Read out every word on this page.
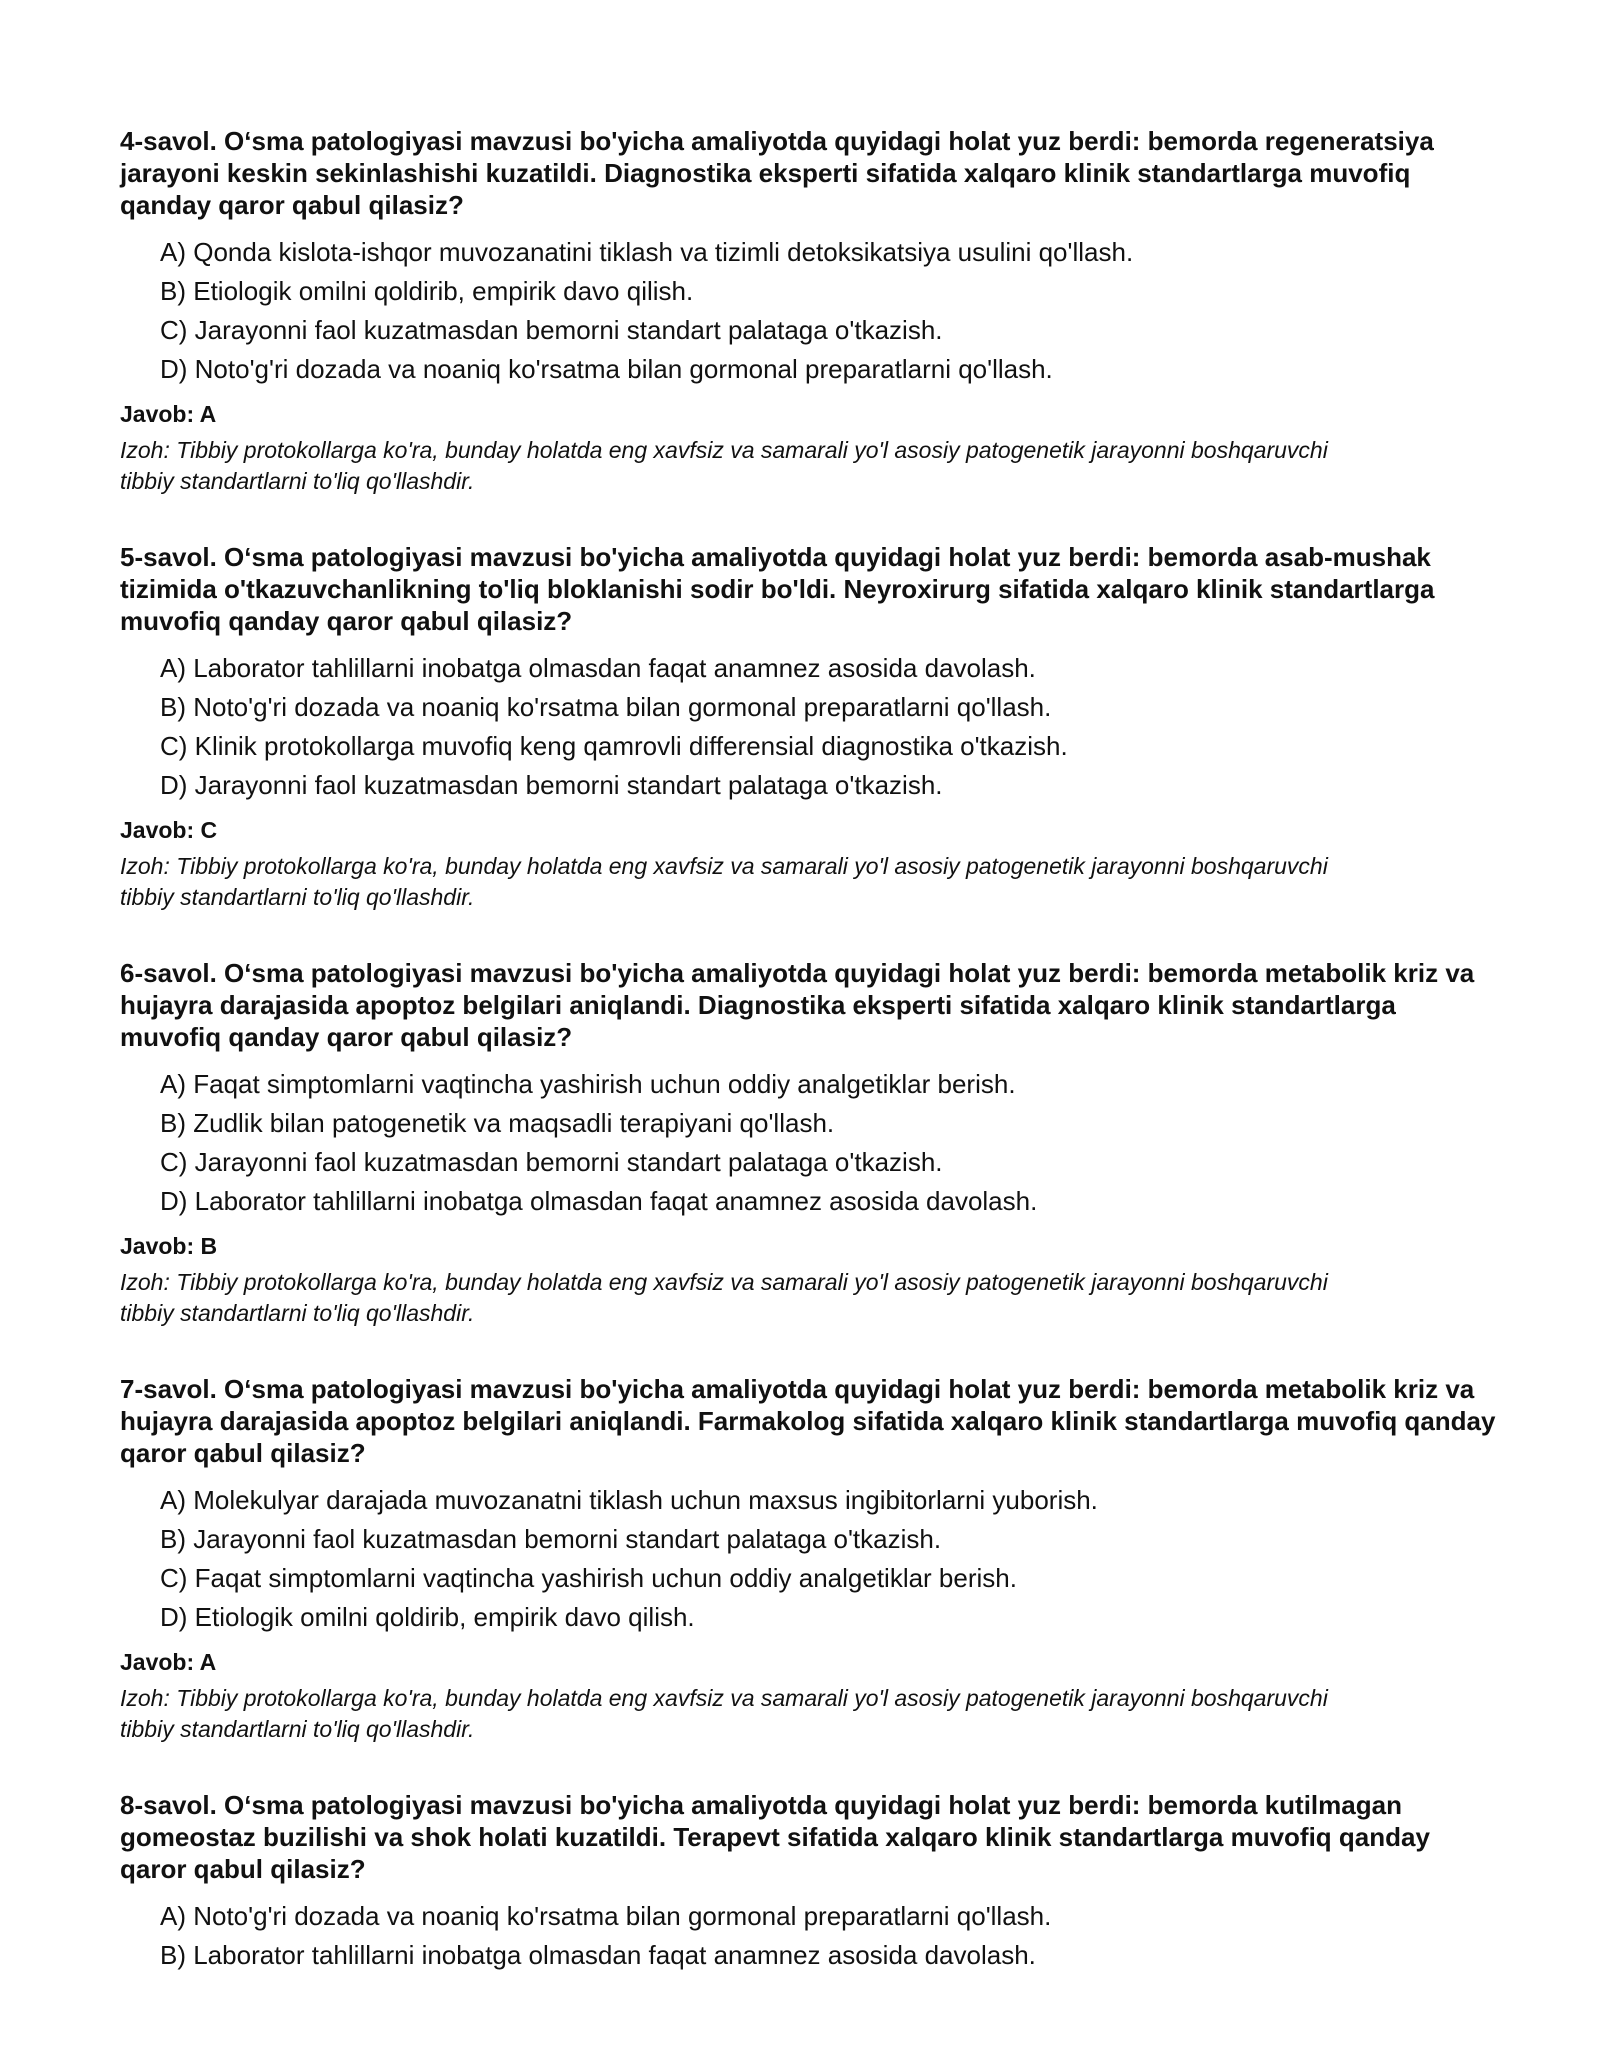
4-savol. O‘sma patologiyasi mavzusi bo'yicha amaliyotda quyidagi holat yuz berdi: bemorda regeneratsiya jarayoni keskin sekinlashishi kuzatildi. Diagnostika eksperti sifatida xalqaro klinik standartlarga muvofiq qanday qaror qabul qilasiz?
A) Qonda kislota-ishqor muvozanatini tiklash va tizimli detoksikatsiya usulini qo'llash.
B) Etiologik omilni qoldirib, empirik davo qilish.
C) Jarayonni faol kuzatmasdan bemorni standart palataga o'tkazish.
D) Noto'g'ri dozada va noaniq ko'rsatma bilan gormonal preparatlarni qo'llash.
Javob: A
Izoh: Tibbiy protokollarga ko'ra, bunday holatda eng xavfsiz va samarali yo'l asosiy patogenetik jarayonni boshqaruvchi tibbiy standartlarni to'liq qo'llashdir.
5-savol. O‘sma patologiyasi mavzusi bo'yicha amaliyotda quyidagi holat yuz berdi: bemorda asab-mushak tizimida o'tkazuvchanlikning to'liq bloklanishi sodir bo'ldi. Neyroxirurg sifatida xalqaro klinik standartlarga muvofiq qanday qaror qabul qilasiz?
A) Laborator tahlillarni inobatga olmasdan faqat anamnez asosida davolash.
B) Noto'g'ri dozada va noaniq ko'rsatma bilan gormonal preparatlarni qo'llash.
C) Klinik protokollarga muvofiq keng qamrovli differensial diagnostika o'tkazish.
D) Jarayonni faol kuzatmasdan bemorni standart palataga o'tkazish.
Javob: C
Izoh: Tibbiy protokollarga ko'ra, bunday holatda eng xavfsiz va samarali yo'l asosiy patogenetik jarayonni boshqaruvchi tibbiy standartlarni to'liq qo'llashdir.
6-savol. O‘sma patologiyasi mavzusi bo'yicha amaliyotda quyidagi holat yuz berdi: bemorda metabolik kriz va hujayra darajasida apoptoz belgilari aniqlandi. Diagnostika eksperti sifatida xalqaro klinik standartlarga muvofiq qanday qaror qabul qilasiz?
A) Faqat simptomlarni vaqtincha yashirish uchun oddiy analgetiklar berish.
B) Zudlik bilan patogenetik va maqsadli terapiyani qo'llash.
C) Jarayonni faol kuzatmasdan bemorni standart palataga o'tkazish.
D) Laborator tahlillarni inobatga olmasdan faqat anamnez asosida davolash.
Javob: B
Izoh: Tibbiy protokollarga ko'ra, bunday holatda eng xavfsiz va samarali yo'l asosiy patogenetik jarayonni boshqaruvchi tibbiy standartlarni to'liq qo'llashdir.
7-savol. O‘sma patologiyasi mavzusi bo'yicha amaliyotda quyidagi holat yuz berdi: bemorda metabolik kriz va hujayra darajasida apoptoz belgilari aniqlandi. Farmakolog sifatida xalqaro klinik standartlarga muvofiq qanday qaror qabul qilasiz?
A) Molekulyar darajada muvozanatni tiklash uchun maxsus ingibitorlarni yuborish.
B) Jarayonni faol kuzatmasdan bemorni standart palataga o'tkazish.
C) Faqat simptomlarni vaqtincha yashirish uchun oddiy analgetiklar berish.
D) Etiologik omilni qoldirib, empirik davo qilish.
Javob: A
Izoh: Tibbiy protokollarga ko'ra, bunday holatda eng xavfsiz va samarali yo'l asosiy patogenetik jarayonni boshqaruvchi tibbiy standartlarni to'liq qo'llashdir.
8-savol. O‘sma patologiyasi mavzusi bo'yicha amaliyotda quyidagi holat yuz berdi: bemorda kutilmagan gomeostaz buzilishi va shok holati kuzatildi. Terapevt sifatida xalqaro klinik standartlarga muvofiq qanday qaror qabul qilasiz?
A) Noto'g'ri dozada va noaniq ko'rsatma bilan gormonal preparatlarni qo'llash.
B) Laborator tahlillarni inobatga olmasdan faqat anamnez asosida davolash.
